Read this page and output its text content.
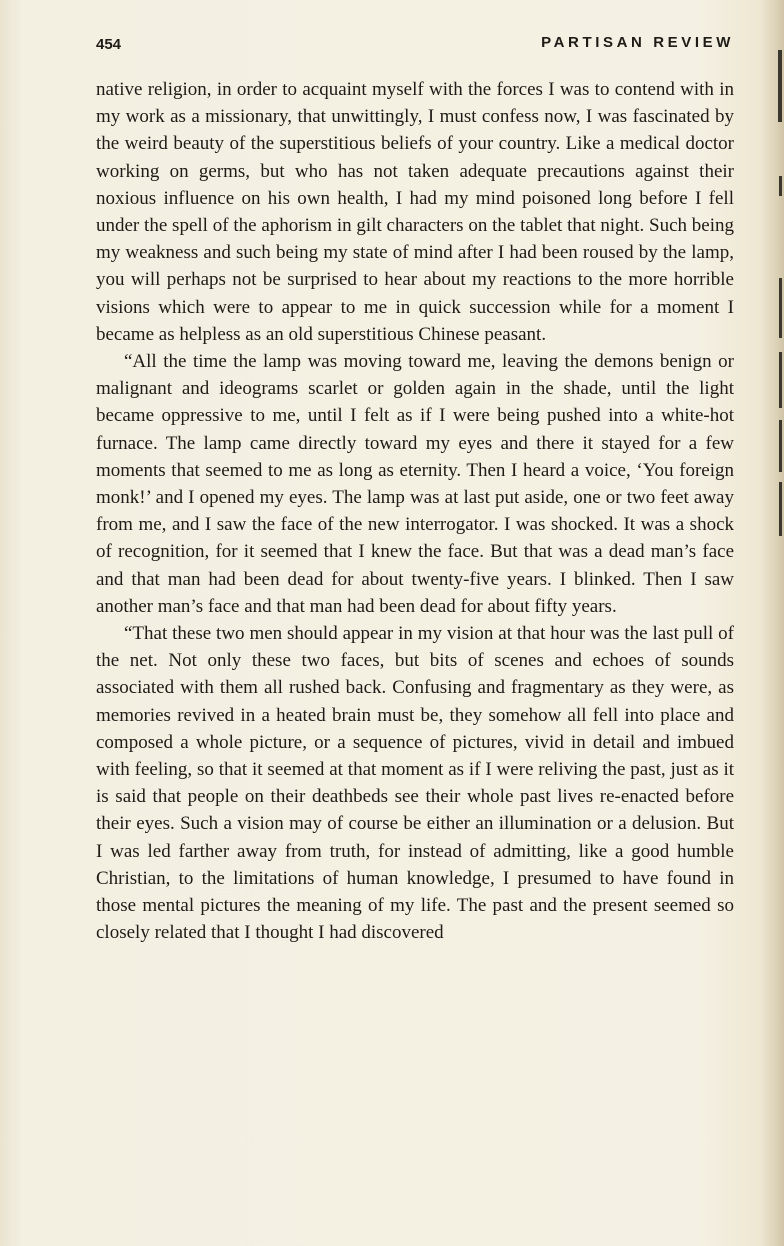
454	PARTISAN REVIEW

native religion, in order to acquaint myself with the forces I was to contend with in my work as a missionary, that unwittingly, I must confess now, I was fascinated by the weird beauty of the superstitious beliefs of your country. Like a medical doctor working on germs, but who has not taken adequate precautions against their noxious influence on his own health, I had my mind poisoned long before I fell under the spell of the aphorism in gilt characters on the tablet that night. Such being my weakness and such being my state of mind after I had been roused by the lamp, you will perhaps not be surprised to hear about my reactions to the more horrible visions which were to appear to me in quick succession while for a moment I became as helpless as an old superstitious Chinese peasant.

“All the time the lamp was moving toward me, leaving the demons benign or malignant and ideograms scarlet or golden again in the shade, until the light became oppressive to me, until I felt as if I were being pushed into a white-hot furnace. The lamp came directly toward my eyes and there it stayed for a few moments that seemed to me as long as eternity. Then I heard a voice, ‘You foreign monk!’ and I opened my eyes. The lamp was at last put aside, one or two feet away from me, and I saw the face of the new interrogator. I was shocked. It was a shock of recognition, for it seemed that I knew the face. But that was a dead man’s face and that man had been dead for about twenty-five years. I blinked. Then I saw another man’s face and that man had been dead for about fifty years.

“That these two men should appear in my vision at that hour was the last pull of the net. Not only these two faces, but bits of scenes and echoes of sounds associated with them all rushed back. Confusing and fragmentary as they were, as memories revived in a heated brain must be, they somehow all fell into place and composed a whole picture, or a sequence of pictures, vivid in detail and imbued with feeling, so that it seemed at that moment as if I were reliving the past, just as it is said that people on their deathbeds see their whole past lives re-enacted before their eyes. Such a vision may of course be either an illumination or a delusion. But I was led farther away from truth, for instead of admitting, like a good humble Christian, to the limitations of human knowledge, I presumed to have found in those mental pictures the meaning of my life. The past and the present seemed so closely related that I thought I had discovered
